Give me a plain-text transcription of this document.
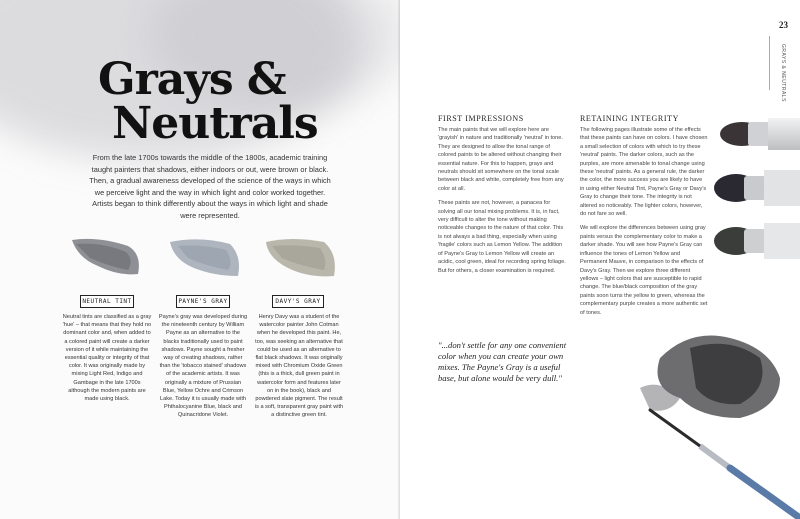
Grays &
Neutrals
From the late 1700s towards the middle of the 1800s, academic training taught painters that shadows, either indoors or out, were brown or black. Then, a gradual awareness developed of the science of the ways in which we perceive light and the way in which light and color worked together. Artists began to think differently about the ways in which light and shade were represented.
NEUTRAL TINT	PAYNE'S GRAY	DAVY'S GRAY
Neutral tints are classified as a gray 'hue' – that means that they hold no dominant color and, when added to a colored paint will create a darker version of it while maintaining the essential quality or integrity of that color. It was originally made by mixing Light Red, Indigo and Gambage in the late 1700s although the modern paints are made using black.
Payne's gray was developed during the nineteenth century by William Payne as an alternative to the blacks traditionally used to paint shadows. Payne sought a fresher way of creating shadows, rather than the 'tobacco stained' shadows of the academic artists. It was originally a mixture of Prussian Blue, Yellow Ochre and Crimson Lake. Today it is usually made with Phthalocyanine Blue, black and Quinacridone Violet.
Henry Davy was a student of the watercolor painter John Cotman when he developed this paint. He, too, was seeking an alternative that could be used as an alternative to flat black shadows. It was originally mixed with Chromium Oxide Green (this is a thick, dull green paint in watercolor form and features later on in the book), black and powdered slate pigment. The result is a soft, transparent gray paint with a distinctive green tint.
23
GRAYS & NEUTRALS
FIRST IMPRESSIONS

The main paints that we will explore here are 'grayish' in nature and traditionally 'neutral' in tone. They are designed to allow the tonal range of colored paints to be altered without changing their essential nature. For this to happen, grays and neutrals should sit somewhere on the tonal scale between black and white, completely free from any color at all.

These paints are not, however, a panacea for solving all our tonal mixing problems. It is, in fact, very difficult to alter the tone without making noticeable changes to the nature of that color. This is not always a bad thing, especially when using 'fragile' colors such as Lemon Yellow. The addition of Payne's Gray to Lemon Yellow will create an acidic, cool green, ideal for recording spring foliage. But for others, a closer examination is required.

RETAINING INTEGRITY

The following pages illustrate some of the effects that these paints can have on colors. I have chosen a small selection of colors with which to try these 'neutral' paints. The darker colors, such as the purples, are more amenable to tonal change using these 'neutral' paints. As a general rule, the darker the color, the more success you are likely to have in using either Neutral Tint, Payne's Gray or Davy's Gray to change their tone. The integrity is not altered so noticeably. The lighter colors, however, do not fare so well.

We will explore the differences between using gray paints versus the complementary color to make a darker shade. You will see how Payne's Gray can influence the tones of Lemon Yellow and Permanent Mauve, in comparison to the effects of Davy's Gray. Then we explore three different yellows – light colors that are susceptible to rapid change. The blue/black composition of the gray paints soon turns the yellow to green, whereas the complementary purple creates a more authentic set of tones.

"...don't settle for any one convenient color when you can create your own mixes. The Payne's Gray is a useful base, but alone would be very dull."
